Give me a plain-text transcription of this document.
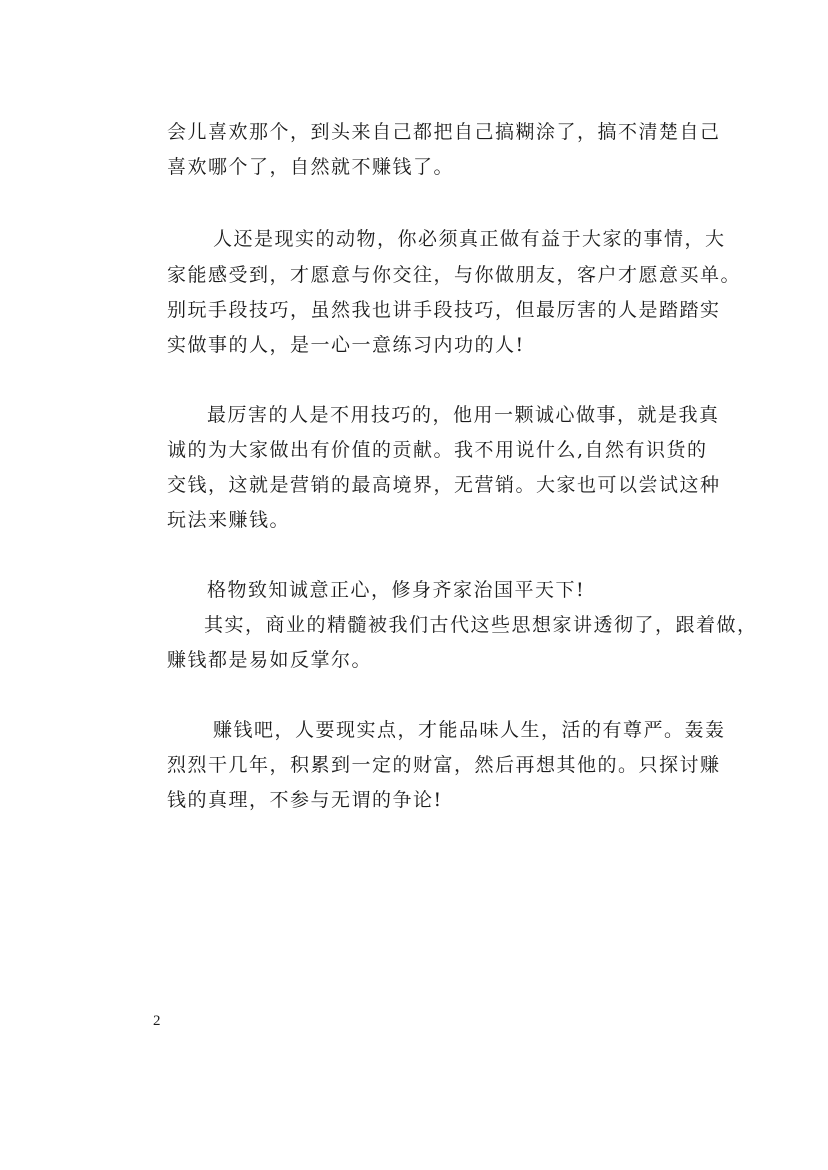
会儿喜欢那个，到头来自己都把自己搞糊涂了，搞不清楚自己
喜欢哪个了，自然就不赚钱了。
人还是现实的动物，你必须真正做有益于大家的事情，大
家能感受到，才愿意与你交往，与你做朋友，客户才愿意买单。
别玩手段技巧，虽然我也讲手段技巧，但最厉害的人是踏踏实
实做事的人，是一心一意练习内功的人!
最厉害的人是不用技巧的，他用一颗诚心做事，就是我真
诚的为大家做出有价值的贡献。我不用说什么,自然有识货的
交钱，这就是营销的最高境界，无营销。大家也可以尝试这种
玩法来赚钱。
格物致知诚意正心，修身齐家治国平天下!
其实，商业的精髓被我们古代这些思想家讲透彻了，跟着做，
赚钱都是易如反掌尔。
赚钱吧，人要现实点，才能品味人生，活的有尊严。轰轰
烈烈干几年，积累到一定的财富，然后再想其他的。只探讨赚
钱的真理，不参与无谓的争论!
2
